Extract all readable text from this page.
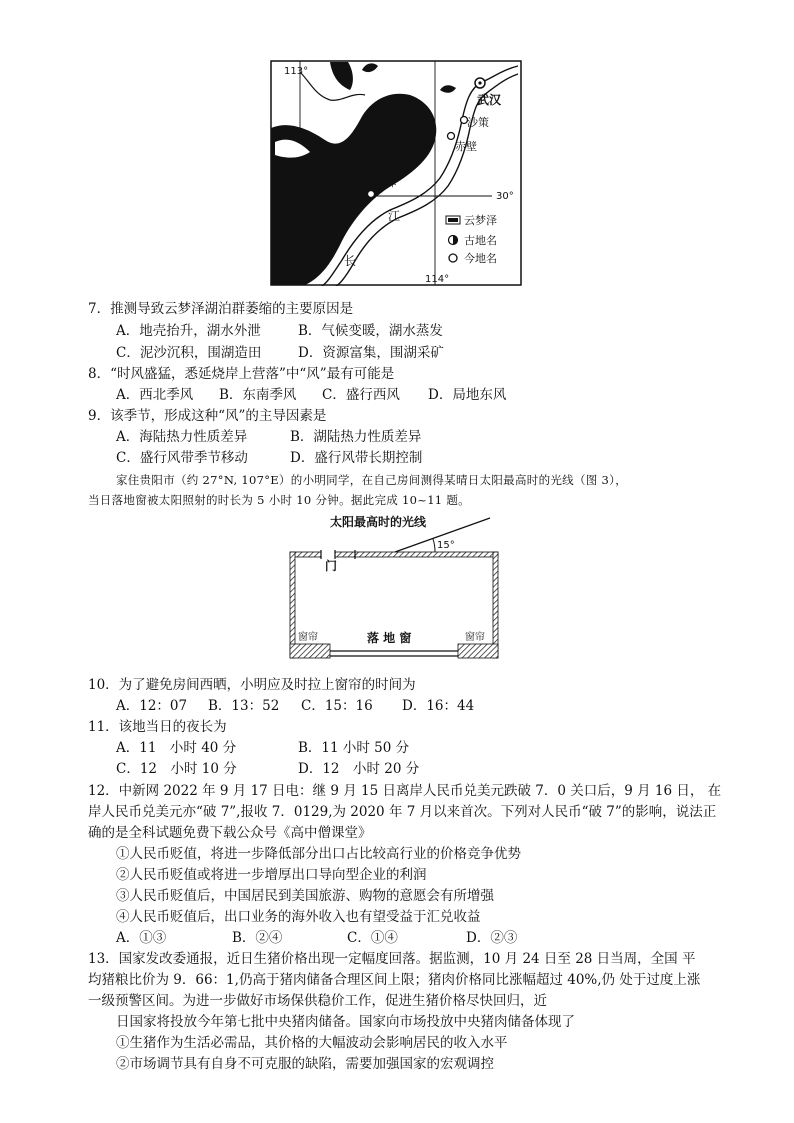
113°
114°
30°
武汉
沙策
赤壁
乌林
江
长
云梦泽
古地名
今地名
7．推测导致云梦泽湖泊群萎缩的主要原因是
A．地壳抬升，湖水外泄	B．气候变暖，湖水蒸发
C．泥沙沉积，围湖造田	D．资源富集，围湖采矿
8．“时风盛猛，悉延烧岸上营落”中“风”最有可能是
A．西北季风 B．东南季风 C．盛行西风 D．局地东风
9．该季节，形成这种“风”的主导因素是
A．海陆热力性质差异	B．湖陆热力性质差异
C．盛行风带季节移动	D．盛行风带长期控制
家住贵阳市（约 27°N, 107°E）的小明同学，在自己房间测得某晴日太阳最高时的光线（图 3），
当日落地窗被太阳照射的时长为 5 小时 10 分钟。据此完成 10~11 题。
太阳最高时的光线
15°
门
窗帘	窗帘
落 地 窗
10．为了避免房间西晒，小明应及时拉上窗帘的时间为
A．12：07 B．13：52 C．15：16 D．16：44
11．该地当日的夜长为
A．11　小时 40 分	B．11 小时 50 分
C．12　小时 10 分	D．12　小时 20 分
12．中新网 2022 年 9 月 17 日电：继 9 月 15 日离岸人民币兑美元跌破 7．0 关口后，9 月 16 日， 在
岸人民币兑美元亦“破 7”,报收 7．0129,为 2020 年 7 月以来首次。下列对人民币“破 7”的影响，说法正
确的是全科试题免费下载公众号《高中僧课堂》
①人民币贬值，将进一步降低部分出口占比较高行业的价格竞争优势
②人民币贬值或将进一步增厚出口导向型企业的利润
③人民币贬值后，中国居民到美国旅游、购物的意愿会有所增强
④人民币贬值后，出口业务的海外收入也有望受益于汇兑收益
A．①③	B．②④	C．①④	D．②③
13．国家发改委通报，近日生猪价格出现一定幅度回落。据监测，10 月 24 日至 28 日当周，全国 平
均猪粮比价为 9．66：1,仍高于猪肉储备合理区间上限；猪肉价格同比涨幅超过 40%,仍 处于过度上涨
一级预警区间。为进一步做好市场保供稳价工作，促进生猪价格尽快回归，近
日国家将投放今年第七批中央猪肉储备。国家向市场投放中央猪肉储备体现了
①生猪作为生活必需品，其价格的大幅波动会影响居民的收入水平
②市场调节具有自身不可克服的缺陷，需要加强国家的宏观调控
